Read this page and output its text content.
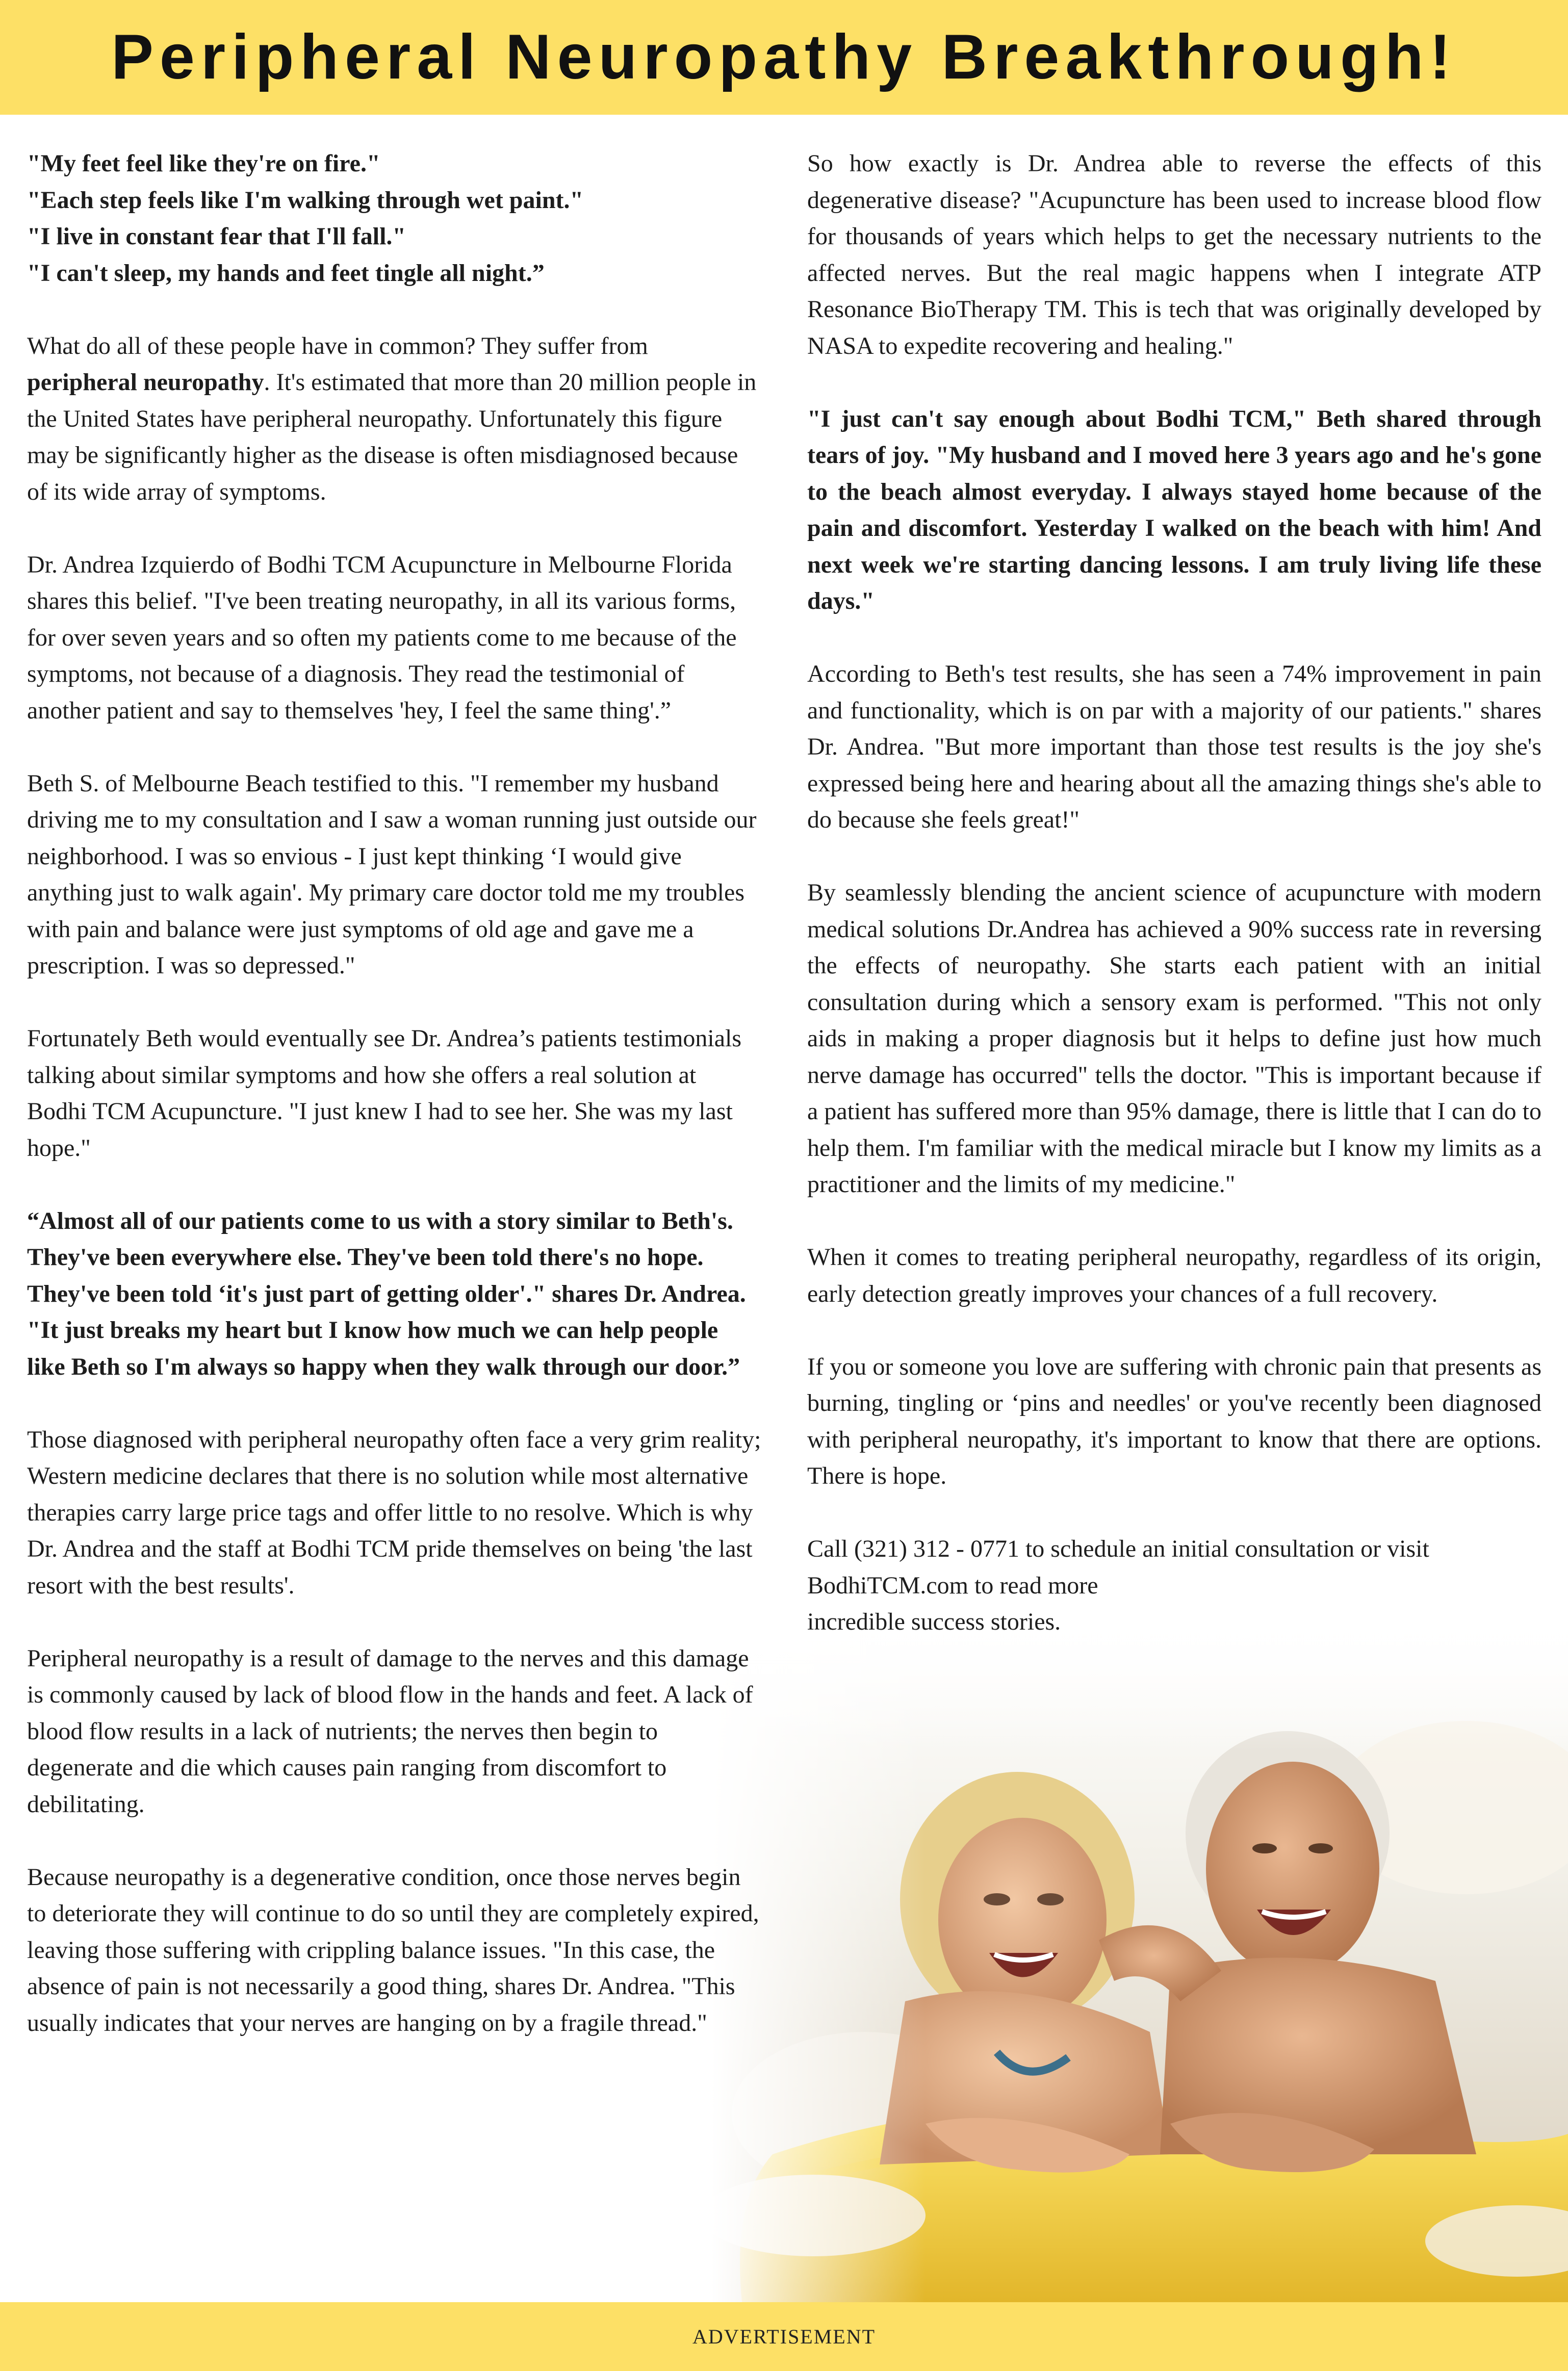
Peripheral Neuropathy Breakthrough!

"My feet feel like they're on fire."
"Each step feels like I'm walking through wet paint."
"I live in constant fear that I'll fall."
"I can't sleep, my hands and feet tingle all night.”

What do all of these people have in common? They suffer from peripheral neuropathy. It's estimated that more than 20 million people in the United States have peripheral neuropathy. Unfortunately this figure may be significantly higher as the disease is often misdiagnosed because of its wide array of symptoms.

Dr. Andrea Izquierdo of Bodhi TCM Acupuncture in Melbourne Florida shares this belief. "I've been treating neuropathy, in all its various forms, for over seven years and so often my patients come to me because of the symptoms, not because of a diagnosis. They read the testimonial of another patient and say to themselves 'hey, I feel the same thing'.”

Beth S. of Melbourne Beach testified to this. "I remember my husband driving me to my consultation and I saw a woman running just outside our neighborhood. I was so envious - I just kept thinking ‘I would give anything just to walk again'. My primary care doctor told me my troubles with pain and balance were just symptoms of old age and gave me a prescription. I was so depressed."

Fortunately Beth would eventually see Dr. Andrea’s patients testimonials talking about similar symptoms and how she offers a real solution at Bodhi TCM Acupuncture. "I just knew I had to see her. She was my last hope."

“Almost all of our patients come to us with a story similar to Beth's. They've been everywhere else. They've been told there's no hope. They've been told ‘it's just part of getting older'." shares Dr. Andrea. "It just breaks my heart but I know how much we can help people like Beth so I'm always so happy when they walk through our door.”

Those diagnosed with peripheral neuropathy often face a very grim reality; Western medicine declares that there is no solution while most alternative therapies carry large price tags and offer little to no resolve. Which is why Dr. Andrea and the staff at Bodhi TCM pride themselves on being 'the last resort with the best results'.

Peripheral neuropathy is a result of damage to the nerves and this damage is commonly caused by lack of blood flow in the hands and feet. A lack of blood flow results in a lack of nutrients; the nerves then begin to degenerate and die which causes pain ranging from discomfort to debilitating.

Because neuropathy is a degenerative condition, once those nerves begin to deteriorate they will continue to do so until they are completely expired, leaving those suffering with crippling balance issues. "In this case, the absence of pain is not necessarily a good thing, shares Dr. Andrea. "This usually indicates that your nerves are hanging on by a fragile thread."

So how exactly is Dr. Andrea able to reverse the effects of this degenerative disease? "Acupuncture has been used to increase blood flow for thousands of years which helps to get the necessary nutrients to the affected nerves. But the real magic happens when I integrate ATP Resonance BioTherapy TM. This is tech that was originally developed by NASA to expedite recovering and healing."

"I just can't say enough about Bodhi TCM," Beth shared through tears of joy. "My husband and I moved here 3 years ago and he's gone to the beach almost everyday. I always stayed home because of the pain and discomfort. Yesterday I walked on the beach with him! And next week we're starting dancing lessons. I am truly living life these days."

According to Beth's test results, she has seen a 74% improvement in pain and functionality, which is on par with a majority of our patients." shares Dr. Andrea. "But more important than those test results is the joy she's expressed being here and hearing about all the amazing things she's able to do because she feels great!"

By seamlessly blending the ancient science of acupuncture with modern medical solutions Dr.Andrea has achieved a 90% success rate in reversing the effects of neuropathy. She starts each patient with an initial consultation during which a sensory exam is performed. "This not only aids in making a proper diagnosis but it helps to define just how much nerve damage has occurred" tells the doctor. "This is important because if a patient has suffered more than 95% damage, there is little that I can do to help them. I'm familiar with the medical miracle but I know my limits as a practitioner and the limits of my medicine."

When it comes to treating peripheral neuropathy, regardless of its origin, early detection greatly improves your chances of a full recovery.

If you or someone you love are suffering with chronic pain that presents as burning, tingling or ‘pins and needles' or you've recently been diagnosed with peripheral neuropathy, it's important to know that there are options. There is hope.

Call (321) 312 - 0771 to schedule an initial consultation or visit
BodhiTCM.com to read more
incredible success stories.

ADVERTISEMENT
